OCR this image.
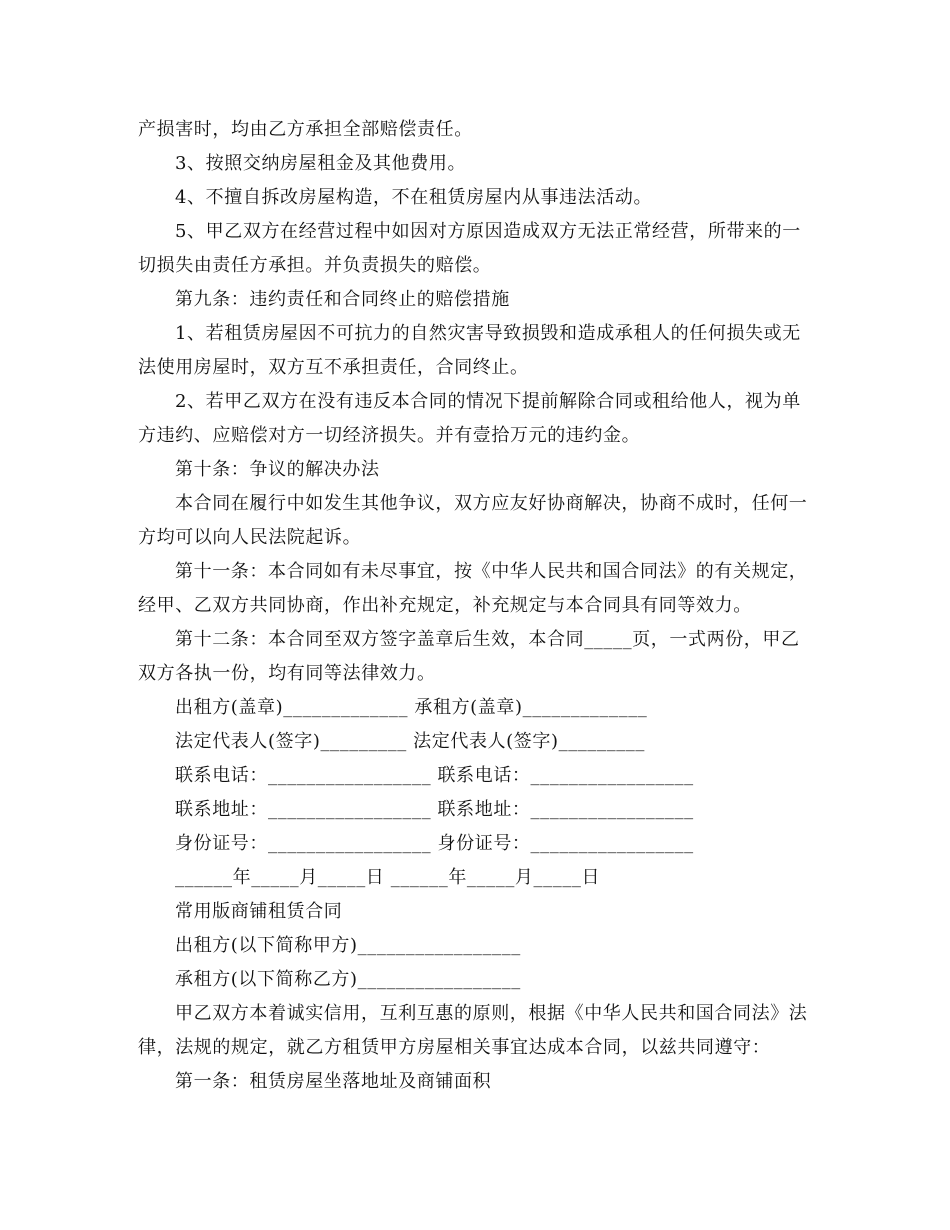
产损害时，均由乙方承担全部赔偿责任。
3、按照交纳房屋租金及其他费用。
4、不擅自拆改房屋构造，不在租赁房屋内从事违法活动。
5、甲乙双方在经营过程中如因对方原因造成双方无法正常经营，所带来的一
切损失由责任方承担。并负责损失的赔偿。
第九条：违约责任和合同终止的赔偿措施
1、若租赁房屋因不可抗力的自然灾害导致损毁和造成承租人的任何损失或无
法使用房屋时，双方互不承担责任，合同终止。
2、若甲乙双方在没有违反本合同的情况下提前解除合同或租给他人，视为单
方违约、应赔偿对方一切经济损失。并有壹拾万元的违约金。
第十条：争议的解决办法
本合同在履行中如发生其他争议，双方应友好协商解决，协商不成时，任何一
方均可以向人民法院起诉。
第十一条：本合同如有未尽事宜，按《中华人民共和国合同法》的有关规定，
经甲、乙双方共同协商，作出补充规定，补充规定与本合同具有同等效力。
第十二条：本合同至双方签字盖章后生效，本合同_____页，一式两份，甲乙
双方各执一份，均有同等法律效力。
出租方(盖章)_____________ 承租方(盖章)_____________
法定代表人(签字)_________ 法定代表人(签字)_________
联系电话：_________________ 联系电话：_________________
联系地址：_________________ 联系地址：_________________
身份证号：_________________ 身份证号：_________________
______年_____月_____日 ______年_____月_____日
常用版商铺租赁合同
出租方(以下简称甲方)_________________
承租方(以下简称乙方)_________________
甲乙双方本着诚实信用，互利互惠的原则，根据《中华人民共和国合同法》法
律，法规的规定，就乙方租赁甲方房屋相关事宜达成本合同，以兹共同遵守：
第一条：租赁房屋坐落地址及商铺面积
